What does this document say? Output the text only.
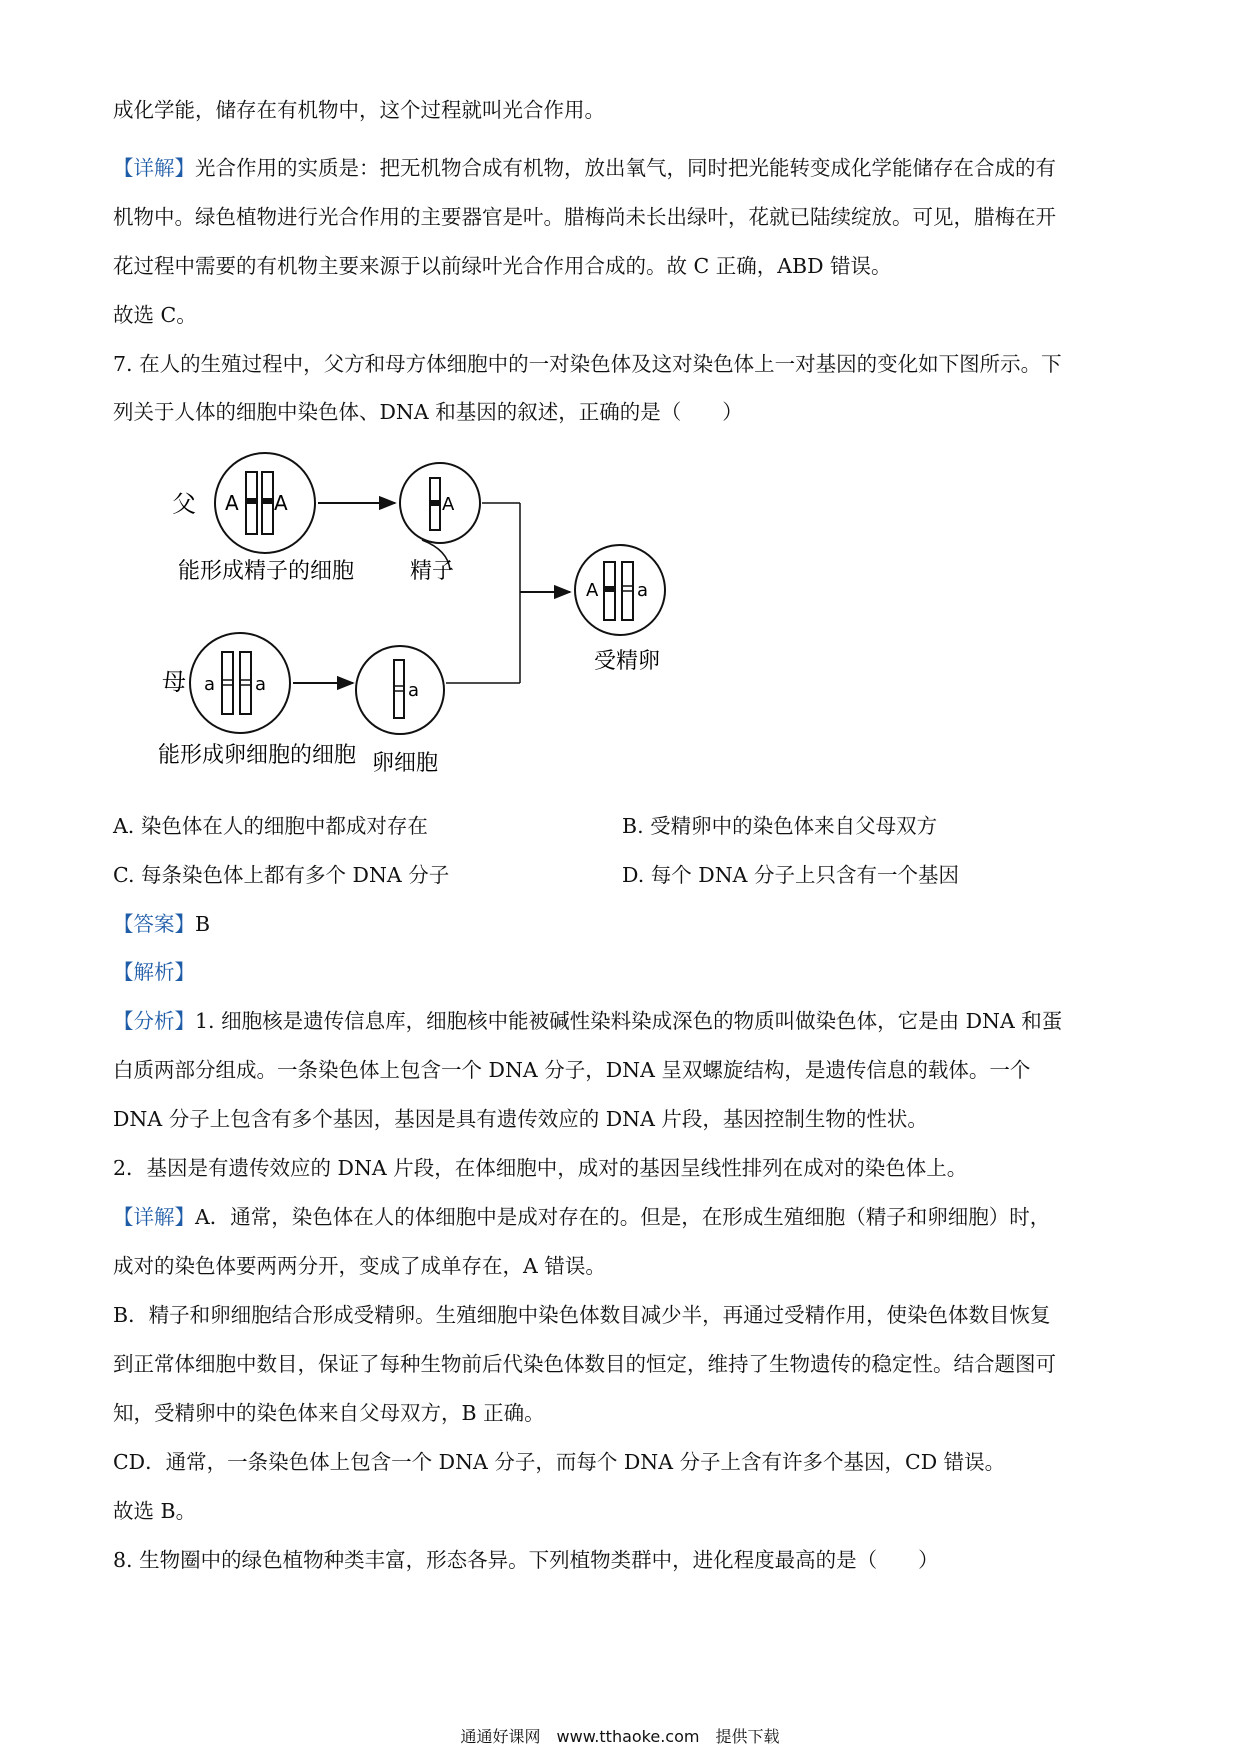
成化学能，储存在有机物中，这个过程就叫光合作用。
【详解】光合作用的实质是：把无机物合成有机物，放出氧气，同时把光能转变成化学能储存在合成的有
机物中。绿色植物进行光合作用的主要器官是叶。腊梅尚未长出绿叶，花就已陆续绽放。可见，腊梅在开
花过程中需要的有机物主要来源于以前绿叶光合作用合成的。故 C 正确，ABD 错误。
故选 C。
7. 在人的生殖过程中，父方和母方体细胞中的一对染色体及这对染色体上一对基因的变化如下图所示。下
列关于人体的细胞中染色体、DNA 和基因的叙述，正确的是（　　）
父 A A
能形成精子的细胞
A
精子
母 a a
能形成卵细胞的细胞
a
卵细胞
A a
受精卵
A. 染色体在人的细胞中都成对存在	B. 受精卵中的染色体来自父母双方
C. 每条染色体上都有多个 DNA 分子	D. 每个 DNA 分子上只含有一个基因
【答案】B
【解析】
【分析】1. 细胞核是遗传信息库，细胞核中能被碱性染料染成深色的物质叫做染色体，它是由 DNA 和蛋
白质两部分组成。一条染色体上包含一个 DNA 分子，DNA 呈双螺旋结构，是遗传信息的载体。一个
DNA 分子上包含有多个基因，基因是具有遗传效应的 DNA 片段，基因控制生物的性状。
2．基因是有遗传效应的 DNA 片段，在体细胞中，成对的基因呈线性排列在成对的染色体上。
【详解】A．通常，染色体在人的体细胞中是成对存在的。但是，在形成生殖细胞（精子和卵细胞）时，
成对的染色体要两两分开，变成了成单存在，A 错误。
B．精子和卵细胞结合形成受精卵。生殖细胞中染色体数目减少半，再通过受精作用，使染色体数目恢复
到正常体细胞中数目，保证了每种生物前后代染色体数目的恒定，维持了生物遗传的稳定性。结合题图可
知，受精卵中的染色体来自父母双方，B 正确。
CD．通常，一条染色体上包含一个 DNA 分子，而每个 DNA 分子上含有许多个基因，CD 错误。
故选 B。
8. 生物圈中的绿色植物种类丰富，形态各异。下列植物类群中，进化程度最高的是（　　）
通通好课网　www.tthaoke.com　提供下载
